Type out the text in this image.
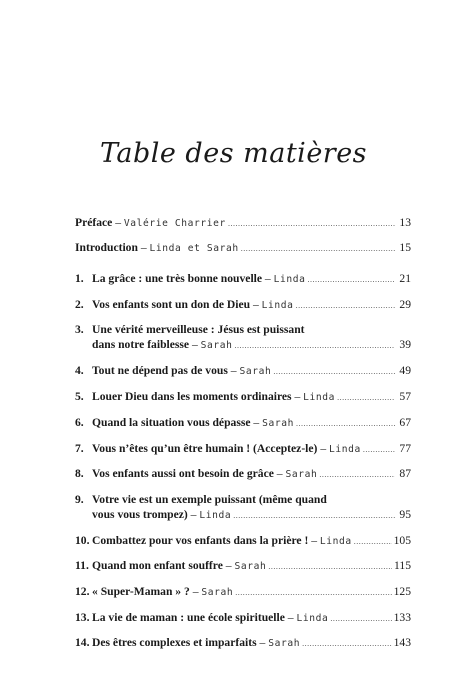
Table des matières
Préface – Valérie Charrier .....	13
Introduction – Linda et Sarah .....	15
1. La grâce : une très bonne nouvelle – Linda .....	21
2. Vos enfants sont un don de Dieu – Linda .....	29
3. Une vérité merveilleuse : Jésus est puissant
dans notre faiblesse – Sarah .....	39
4. Tout ne dépend pas de vous – Sarah .....	49
5. Louer Dieu dans les moments ordinaires – Linda .....	57
6. Quand la situation vous dépasse – Sarah .....	67
7. Vous n’êtes qu’un être humain ! (Acceptez-le) – Linda .....	77
8. Vos enfants aussi ont besoin de grâce – Sarah .....	87
9. Votre vie est un exemple puissant (même quand
vous vous trompez) – Linda .....	95
10. Combattez pour vos enfants dans la prière ! – Linda .....	105
11. Quand mon enfant souffre – Sarah .....	115
12. « Super-Maman » ? – Sarah .....	125
13. La vie de maman : une école spirituelle – Linda .....	133
14. Des êtres complexes et imparfaits – Sarah .....	143
